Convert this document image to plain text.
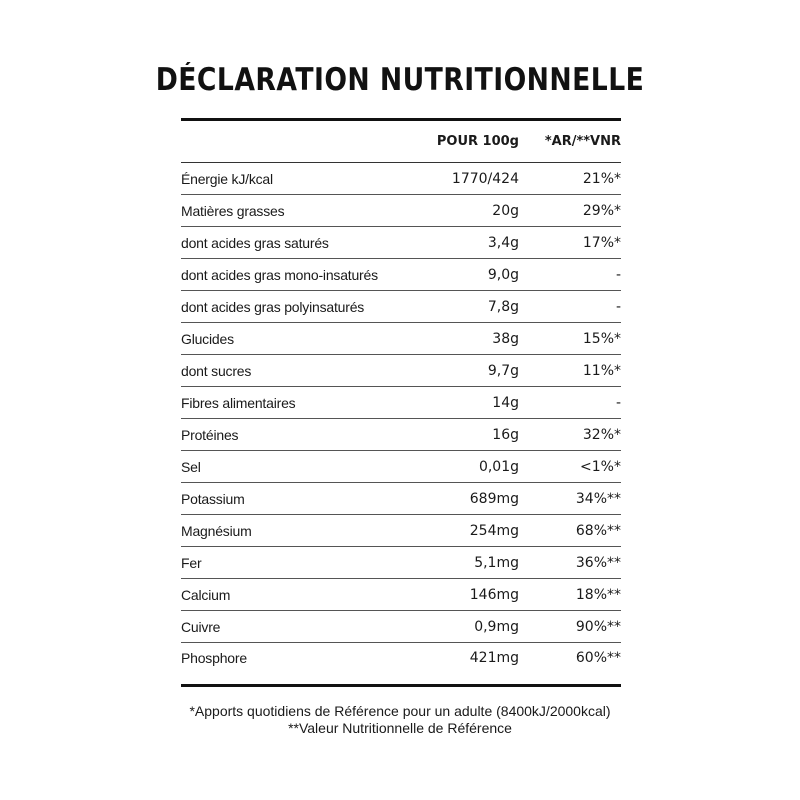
DÉCLARATION NUTRITIONNELLE
	POUR 100g	*AR/**VNR
Énergie kJ/kcal	1770/424	21%*
Matières grasses	20g	29%*
dont acides gras saturés	3,4g	17%*
dont acides gras mono-insaturés	9,0g	-
dont acides gras polyinsaturés	7,8g	-
Glucides	38g	15%*
dont sucres	9,7g	11%*
Fibres alimentaires	14g	-
Protéines	16g	32%*
Sel	0,01g	<1%*
Potassium	689mg	34%**
Magnésium	254mg	68%**
Fer	5,1mg	36%**
Calcium	146mg	18%**
Cuivre	0,9mg	90%**
Phosphore	421mg	60%**
*Apports quotidiens de Référence pour un adulte (8400kJ/2000kcal)
**Valeur Nutritionnelle de Référence
